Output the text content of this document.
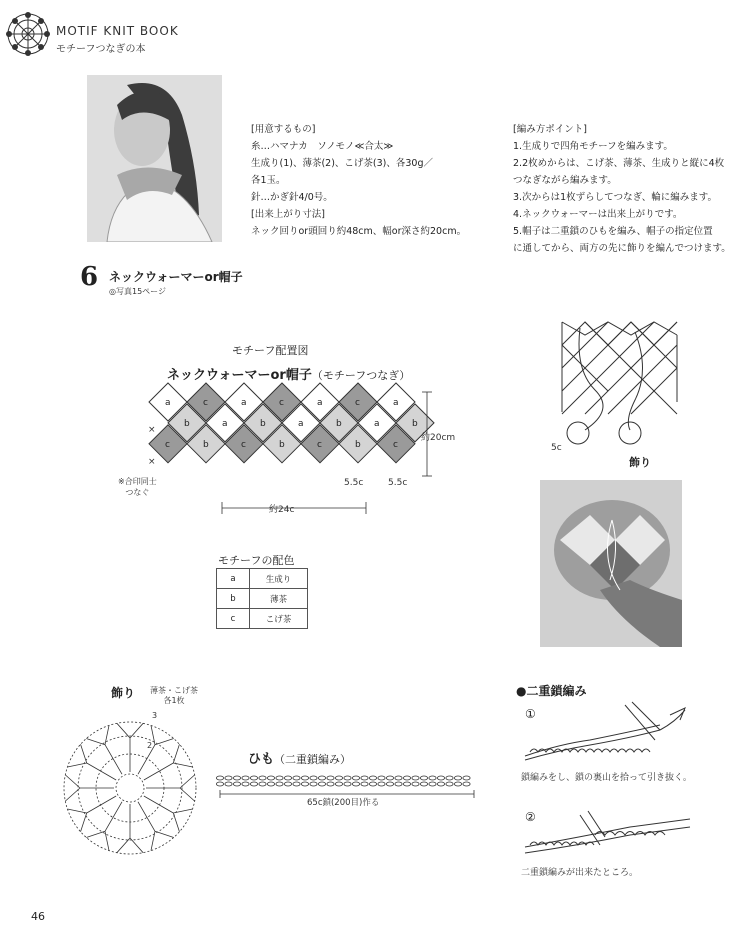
MOTIF KNIT BOOK
モチーフつなぎの本
[用意するもの]
糸…ハマナカ　ソノモノ≪合太≫
生成り(1)、薄茶(2)、こげ茶(3)、各30g／
各1玉。
針…かぎ針4/0号。
[出来上がり寸法]
ネック回りor頭回り約48cm、幅or深さ約20cm。
[編み方ポイント]
1.生成りで四角モチーフを編みます。
2.2枚めからは、こげ茶、薄茶、生成りと縦に4枚
つなぎながら編みます。
3.次からは1枚ずらしてつなぎ、輪に編みます。
4.ネックウォーマーは出来上がりです。
5.帽子は二重鎖のひもを編み、帽子の指定位置
に通してから、両方の先に飾りを編んでつけます。
6 ネックウォーマーor帽子
◎写真15ページ
モチーフ配置図
ネックウォーマーor帽子（モチーフつなぎ）
a	c	a	c	a	c	a
b	a	b	a	b	a	b
c	b	c	b	c	b	c
×
×
約20cm
5.5c	5.5c
約24c
※合印同士
つなぐ
5c
飾り
モチーフの配色
a	生成り
b	薄茶
c	こげ茶
飾り 薄茶・こげ茶
各1枚
3
2
ひも（二重鎖編み）
65c鎖(200目)作る
●二重鎖編み
①
鎖編みをし、鎖の裏山を拾って引き抜く。
②
二重鎖編みが出来たところ。
46
